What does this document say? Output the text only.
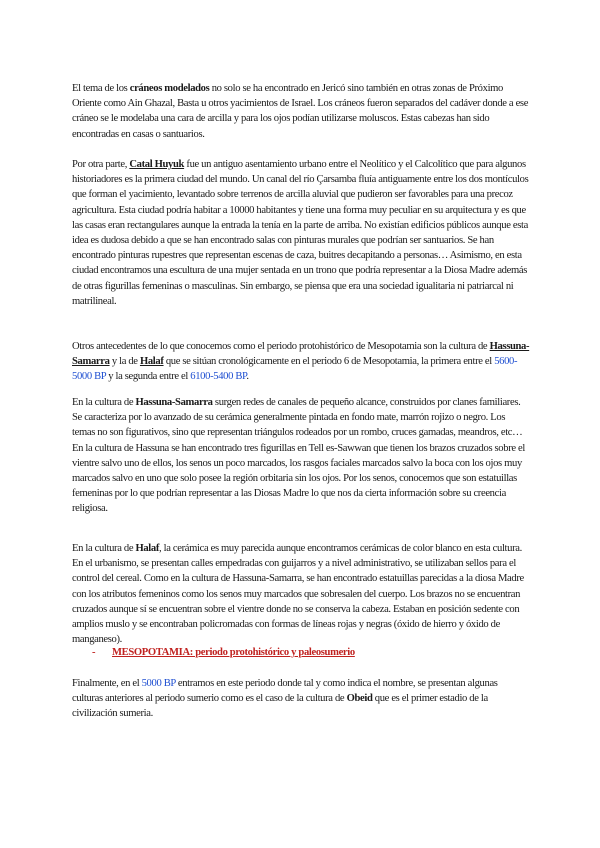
El tema de los cráneos modelados no solo se ha encontrado en Jericó sino también en otras zonas de Próximo Oriente como Ain Ghazal, Basta u otros yacimientos de Israel. Los cráneos fueron separados del cadáver donde a ese cráneo se le modelaba una cara de arcilla y para los ojos podían utilizarse moluscos. Estas cabezas han sido encontradas en casas o santuarios.

Por otra parte, Catal Huyuk fue un antiguo asentamiento urbano entre el Neolítico y el Calcolítico que para algunos historiadores es la primera ciudad del mundo. Un canal del río Çarsamba fluía antiguamente entre los dos montículos que forman el yacimiento, levantado sobre terrenos de arcilla aluvial que pudieron ser favorables para una precoz agricultura. Esta ciudad podría habitar a 10000 habitantes y tiene una forma muy peculiar en su arquitectura y es que las casas eran rectangulares aunque la entrada la tenía en la parte de arriba. No existían edificios públicos aunque esta idea es dudosa debido a que se han encontrado salas con pinturas murales que podrían ser santuarios. Se han encontrado pinturas rupestres que representan escenas de caza, buitres decapitando a personas… Asimismo, en esta ciudad encontramos una escultura de una mujer sentada en un trono que podría representar a la Diosa Madre además de otras figurillas femeninas o masculinas. Sin embargo, se piensa que era una sociedad igualitaria ni patriarcal ni matrilineal.

Otros antecedentes de lo que conocemos como el periodo protohistórico de Mesopotamia son la cultura de Hassuna-Samarra y la de Halaf que se sitúan cronológicamente en el periodo 6 de Mesopotamia, la primera entre el 5600-5000 BP y la segunda entre el 6100-5400 BP.

En la cultura de Hassuna-Samarra surgen redes de canales de pequeño alcance, construidos por clanes familiares. Se caracteriza por lo avanzado de su cerámica generalmente pintada en fondo mate, marrón rojizo o negro. Los temas no son figurativos, sino que representan triángulos rodeados por un rombo, cruces gamadas, meandros, etc…
En la cultura de Hassuna se han encontrado tres figurillas en Tell es-Sawwan que tienen los brazos cruzados sobre el vientre salvo uno de ellos, los senos un poco marcados, los rasgos faciales marcados salvo la boca con los ojos muy marcados salvo en uno que solo posee la región orbitaria sin los ojos. Por los senos, conocemos que son estatuillas femeninas por lo que podrían representar a las Diosas Madre lo que nos da cierta información sobre su creencia religiosa.

En la cultura de Halaf, la cerámica es muy parecida aunque encontramos cerámicas de color blanco en esta cultura. En el urbanismo, se presentan calles empedradas con guijarros y a nivel administrativo, se utilizaban sellos para el control del cereal. Como en la cultura de Hassuna-Samarra, se han encontrado estatuillas parecidas a la diosa Madre con los atributos femeninos como los senos muy marcados que sobresalen del cuerpo. Los brazos no se encuentran cruzados aunque sí se encuentran sobre el vientre donde no se conserva la cabeza. Estaban en posición sedente con amplios muslo y se encontraban policromadas con formas de líneas rojas y negras (óxido de hierro y óxido de manganeso).

- MESOPOTAMIA: periodo protohistórico y paleosumerio

Finalmente, en el 5000 BP entramos en este periodo donde tal y como indica el nombre, se presentan algunas culturas anteriores al periodo sumerio como es el caso de la cultura de Obeid que es el primer estadio de la civilización sumeria.
